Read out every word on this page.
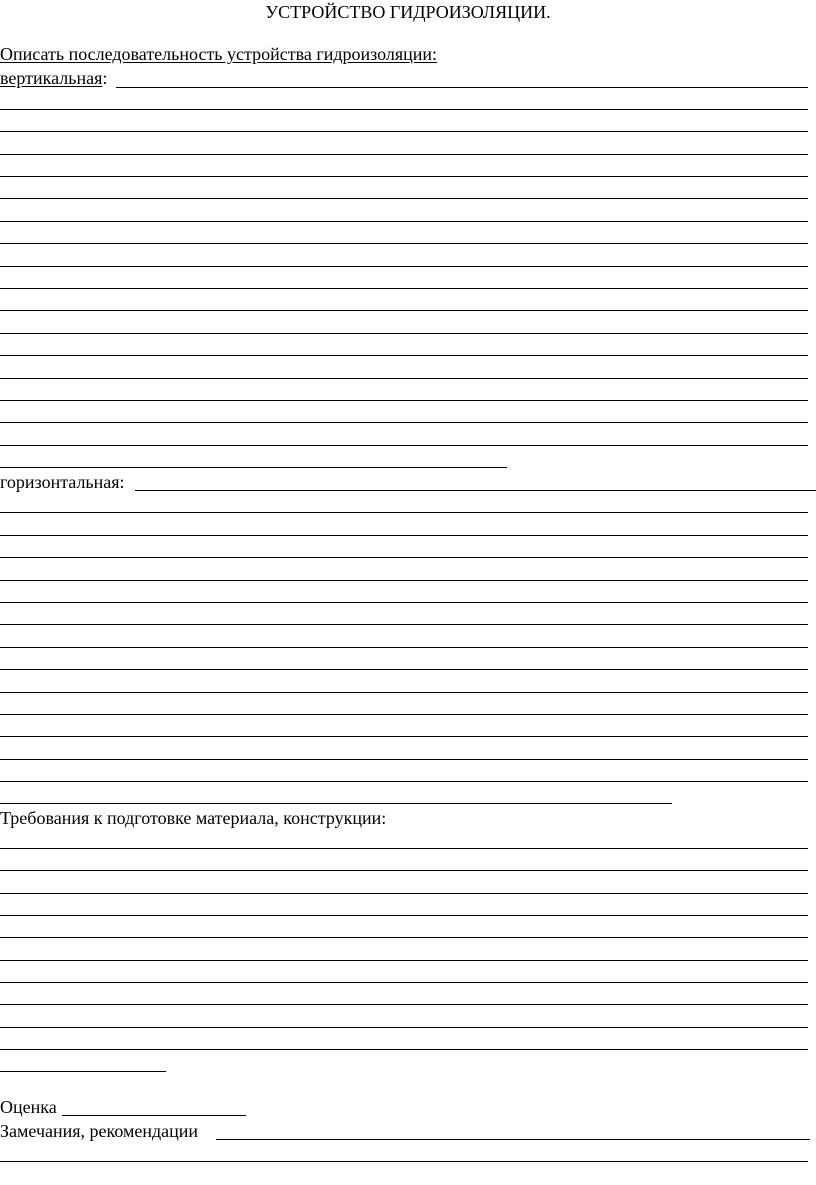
УСТРОЙСТВО ГИДРОИЗОЛЯЦИИ.
Описать последовательность устройства гидроизоляции:
вертикальная:
горизонтальная:
Требования к подготовке материала, конструкции:
Оценка
Замечания, рекомендации
